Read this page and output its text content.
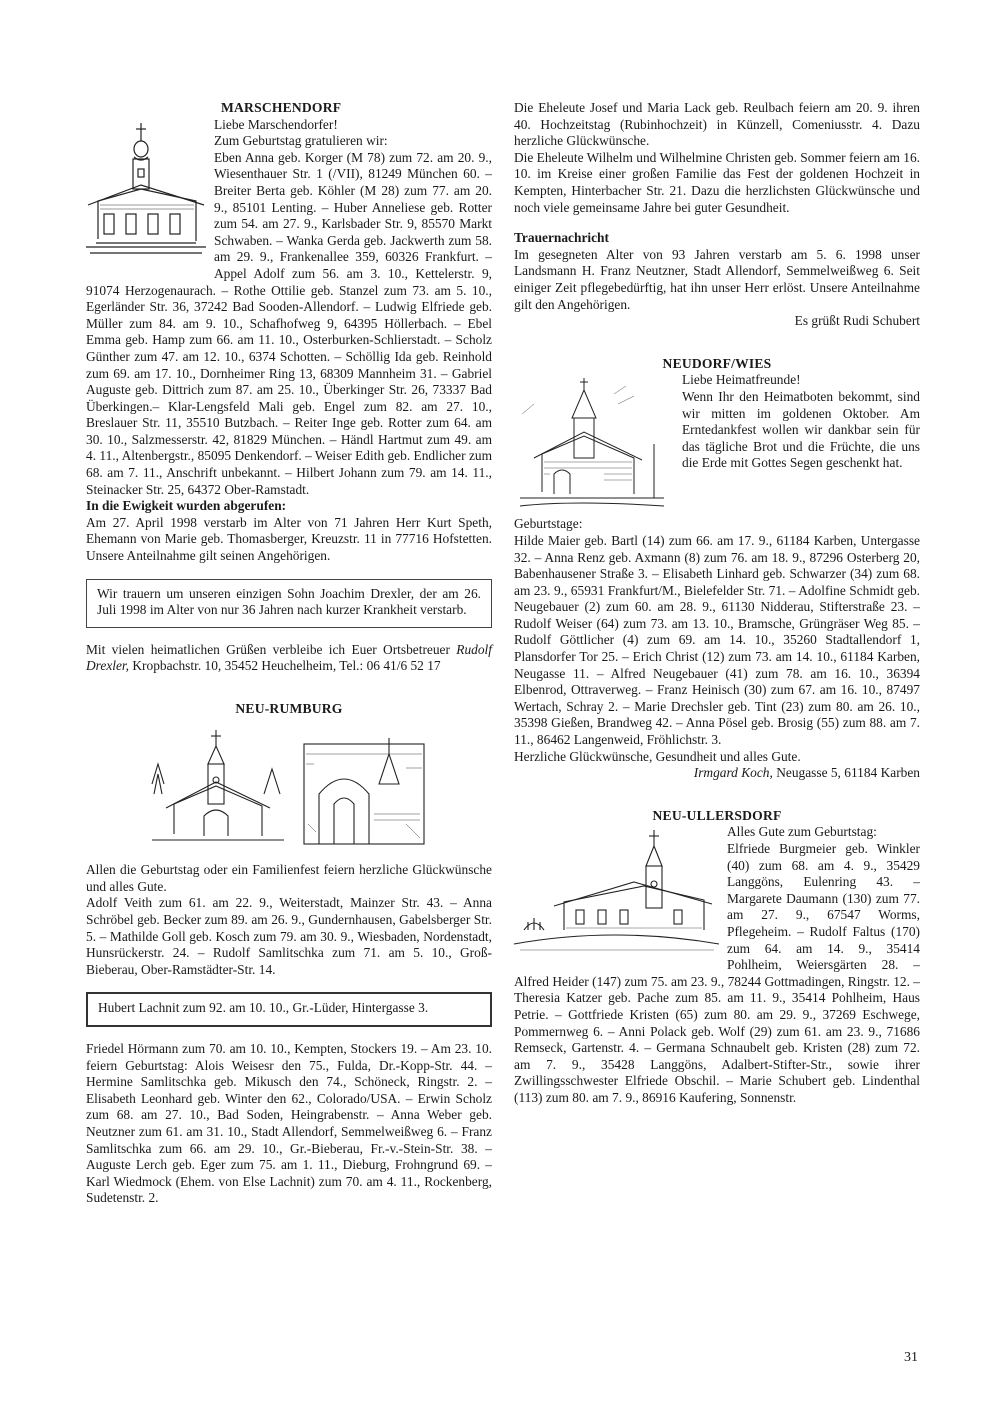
MARSCHENDORF

Liebe Marschendorfer!

Zum Geburtstag gratulieren wir:

Eben Anna geb. Korger (M 78) zum 72. am 20. 9., Wiesenthauer Str. 1 (/VII), 81249 München 60. – Breiter Berta geb. Köhler (M 28) zum 77. am 20. 9., 85101 Lenting. – Huber Anneliese geb. Rotter zum 54. am 27. 9., Karlsbader Str. 9, 85570 Markt Schwaben. – Wanka Gerda geb. Jackwerth zum 58. am 29. 9., Frankenallee 359, 60326 Frankfurt. – Appel Adolf zum 56. am 3. 10., Kettelerstr. 9, 91074 Herzogenaurach. – Rothe Ottilie geb. Stanzel zum 73. am 5. 10., Egerländer Str. 36, 37242 Bad Sooden-Allendorf. – Ludwig Elfriede geb. Müller zum 84. am 9. 10., Schafhofweg 9, 64395 Höllerbach. – Ebel Emma geb. Hamp zum 66. am 11. 10., Osterburken-Schlierstadt. – Scholz Günther zum 47. am 12. 10., 6374 Schotten. – Schöllig Ida geb. Reinhold zum 69. am 17. 10., Dornheimer Ring 13, 68309 Mannheim 31. – Gabriel Auguste geb. Dittrich zum 87. am 25. 10., Überkinger Str. 26, 73337 Bad Überkingen.– Klar-Lengsfeld Mali geb. Engel zum 82. am 27. 10., Breslauer Str. 11, 35510 Butzbach. – Reiter Inge geb. Rotter zum 64. am 30. 10., Salzmesserstr. 42, 81829 München. – Händl Hartmut zum 49. am 4. 11., Altenbergstr., 85095 Denkendorf. – Weiser Edith geb. Endlicher zum 68. am 7. 11., Anschrift unbekannt. – Hilbert Johann zum 79. am 14. 11., Steinacker Str. 25, 64372 Ober-Ramstadt.

In die Ewigkeit wurden abgerufen:

Am 27. April 1998 verstarb im Alter von 71 Jahren Herr Kurt Speth, Ehemann von Marie geb. Thomasberger, Kreuzstr. 11 in 77716 Hofstetten. Unsere Anteilnahme gilt seinen Angehörigen.

Wir trauern um unseren einzigen Sohn Joachim Drexler, der am 26. Juli 1998 im Alter von nur 36 Jahren nach kurzer Krankheit verstarb.

Mit vielen heimatlichen Grüßen verbleibe ich Euer Ortsbetreuer Rudolf Drexler, Kropbachstr. 10, 35452 Heuchelheim, Tel.: 06 41/6 52 17

NEU-RUMBURG

Allen die Geburtstag oder ein Familienfest feiern herzliche Glückwünsche und alles Gute.

Adolf Veith zum 61. am 22. 9., Weiterstadt, Mainzer Str. 43. – Anna Schröbel geb. Becker zum 89. am 26. 9., Gundernhausen, Gabelsberger Str. 5. – Mathilde Goll geb. Kosch zum 79. am 30. 9., Wiesbaden, Nordenstadt, Hunsrückerstr. 24. – Rudolf Samlitschka zum 71. am 5. 10., Groß-Bieberau, Ober-Ramstädter-Str. 14.

Hubert Lachnit zum 92. am 10. 10., Gr.-Lüder, Hintergasse 3.

Friedel Hörmann zum 70. am 10. 10., Kempten, Stockers 19. – Am 23. 10. feiern Geburtstag: Alois Weisesr den 75., Fulda, Dr.-Kopp-Str. 44. – Hermine Samlitschka geb. Mikusch den 74., Schöneck, Ringstr. 2. – Elisabeth Leonhard geb. Winter den 62., Colorado/USA. – Erwin Scholz zum 68. am 27. 10., Bad Soden, Heingrabenstr. – Anna Weber geb. Neutzner zum 61. am 31. 10., Stadt Allendorf, Semmelweißweg 6. – Franz Samlitschka zum 66. am 29. 10., Gr.-Bieberau, Fr.-v.-Stein-Str. 38. – Auguste Lerch geb. Eger zum 75. am 1. 11., Dieburg, Frohngrund 69. – Karl Wiedmock (Ehem. von Else Lachnit) zum 70. am 4. 11., Rockenberg, Sudetenstr. 2.

Die Eheleute Josef und Maria Lack geb. Reulbach feiern am 20. 9. ihren 40. Hochzeitstag (Rubinhochzeit) in Künzell, Comeniusstr. 4. Dazu herzliche Glückwünsche.

Die Eheleute Wilhelm und Wilhelmine Christen geb. Sommer feiern am 16. 10. im Kreise einer großen Familie das Fest der goldenen Hochzeit in Kempten, Hinterbacher Str. 21. Dazu die herzlichsten Glückwünsche und noch viele gemeinsame Jahre bei guter Gesundheit.

Trauernachricht

Im gesegneten Alter von 93 Jahren verstarb am 5. 6. 1998 unser Landsmann H. Franz Neutzner, Stadt Allendorf, Semmelweißweg 6. Seit einiger Zeit pflegebedürftig, hat ihn unser Herr erlöst. Unsere Anteilnahme gilt den Angehörigen.

Es grüßt Rudi Schubert

NEUDORF/WIES

Liebe Heimatfreunde!

Wenn Ihr den Heimatboten bekommt, sind wir mitten im goldenen Oktober. Am Erntedankfest wollen wir dankbar sein für das tägliche Brot und die Früchte, die uns die Erde mit Gottes Segen geschenkt hat.

Geburtstage:

Hilde Maier geb. Bartl (14) zum 66. am 17. 9., 61184 Karben, Untergasse 32. – Anna Renz geb. Axmann (8) zum 76. am 18. 9., 87296 Osterberg 20, Babenhausener Straße 3. – Elisabeth Linhard geb. Schwarzer (34) zum 68. am 23. 9., 65931 Frankfurt/M., Bielefelder Str. 71. – Adolfine Schmidt geb. Neugebauer (2) zum 60. am 28. 9., 61130 Nidderau, Stifterstraße 23. – Rudolf Weiser (64) zum 73. am 13. 10., Bramsche, Grüngräser Weg 85. – Rudolf Göttlicher (4) zum 69. am 14. 10., 35260 Stadtallendorf 1, Plansdorfer Tor 25. – Erich Christ (12) zum 73. am 14. 10., 61184 Karben, Neugasse 11. – Alfred Neugebauer (41) zum 78. am 16. 10., 36394 Elbenrod, Ottraverweg. – Franz Heinisch (30) zum 67. am 16. 10., 87497 Wertach, Schray 2. – Marie Drechsler geb. Tint (23) zum 80. am 26. 10., 35398 Gießen, Brandweg 42. – Anna Pösel geb. Brosig (55) zum 88. am 7. 11., 86462 Langenweid, Fröhlichstr. 3.

Herzliche Glückwünsche, Gesundheit und alles Gute.

Irmgard Koch, Neugasse 5, 61184 Karben

NEU-ULLERSDORF

Alles Gute zum Geburtstag:

Elfriede Burgmeier geb. Winkler (40) zum 68. am 4. 9., 35429 Langgöns, Eulenring 43. – Margarete Daumann (130) zum 77. am 27. 9., 67547 Worms, Pflegeheim. – Rudolf Faltus (170) zum 64. am 14. 9., 35414 Pohlheim, Weiersgärten 28. – Alfred Heider (147) zum 75. am 23. 9., 78244 Gottmadingen, Ringstr. 12. – Theresia Katzer geb. Pache zum 85. am 11. 9., 35414 Pohlheim, Haus Petrie. – Gottfriede Kristen (65) zum 80. am 29. 9., 37269 Eschwege, Pommernweg 6. – Anni Polack geb. Wolf (29) zum 61. am 23. 9., 71686 Remseck, Gartenstr. 4. – Germana Schnaubelt geb. Kristen (28) zum 72. am 7. 9., 35428 Langgöns, Adalbert-Stifter-Str., sowie ihrer Zwillingsschwester Elfriede Obschil. – Marie Schubert geb. Lindenthal (113) zum 80. am 7. 9., 86916 Kaufering, Sonnenstr.

31
